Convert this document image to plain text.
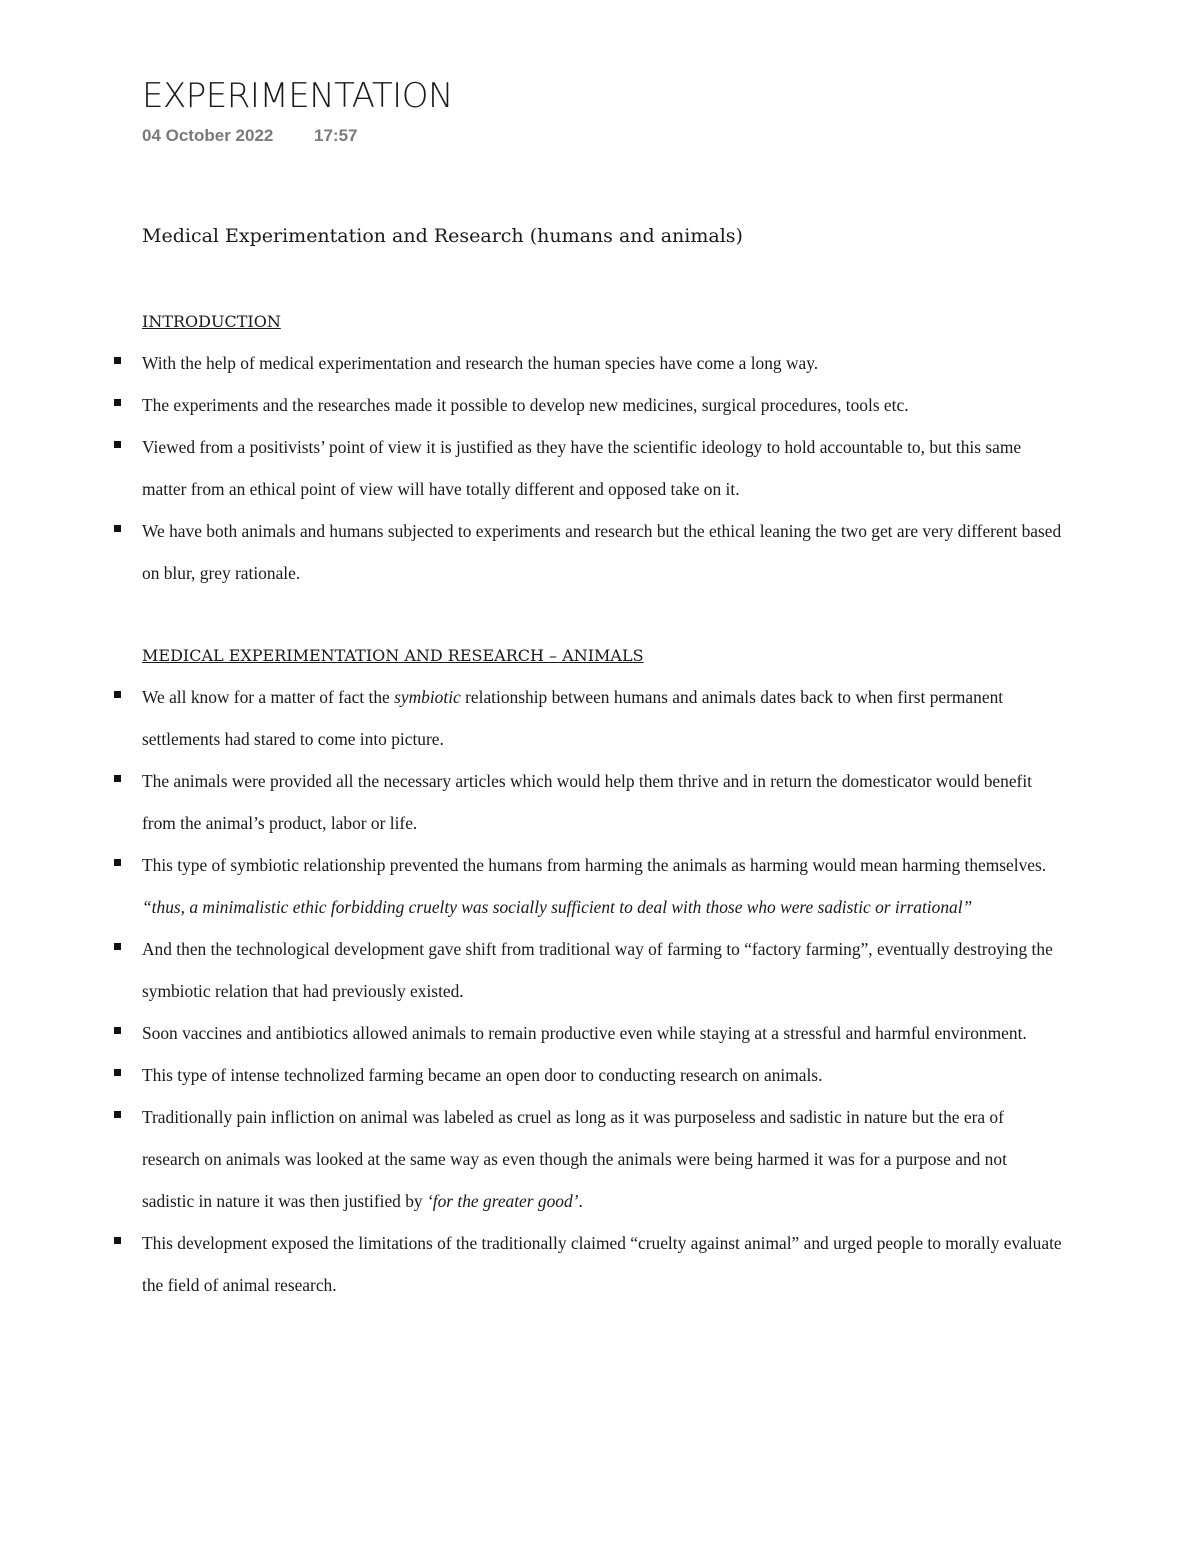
EXPERIMENTATION
04 October 2022 17:57
Medical Experimentation and Research (humans and animals)
INTRODUCTION
With the help of medical experimentation and research the human species have come a long way.
The experiments and the researches made it possible to develop new medicines, surgical procedures, tools etc.
Viewed from a positivists’ point of view it is justified as they have the scientific ideology to hold accountable to, but this same matter from an ethical point of view will have totally different and opposed take on it.
We have both animals and humans subjected to experiments and research but the ethical leaning the two get are very different based on blur, grey rationale.
MEDICAL EXPERIMENTATION AND RESEARCH – ANIMALS
We all know for a matter of fact the symbiotic relationship between humans and animals dates back to when first permanent settlements had stared to come into picture.
The animals were provided all the necessary articles which would help them thrive and in return the domesticator would benefit from the animal’s product, labor or life.
This type of symbiotic relationship prevented the humans from harming the animals as harming would mean harming themselves.
“thus, a minimalistic ethic forbidding cruelty was socially sufficient to deal with those who were sadistic or irrational”
And then the technological development gave shift from traditional way of farming to “factory farming”, eventually destroying the symbiotic relation that had previously existed.
Soon vaccines and antibiotics allowed animals to remain productive even while staying at a stressful and harmful environment.
This type of intense technolized farming became an open door to conducting research on animals.
Traditionally pain infliction on animal was labeled as cruel as long as it was purposeless and sadistic in nature but the era of research on animals was looked at the same way as even though the animals were being harmed it was for a purpose and not sadistic in nature it was then justified by ‘for the greater good’.
This development exposed the limitations of the traditionally claimed “cruelty against animal” and urged people to morally evaluate the field of animal research.
